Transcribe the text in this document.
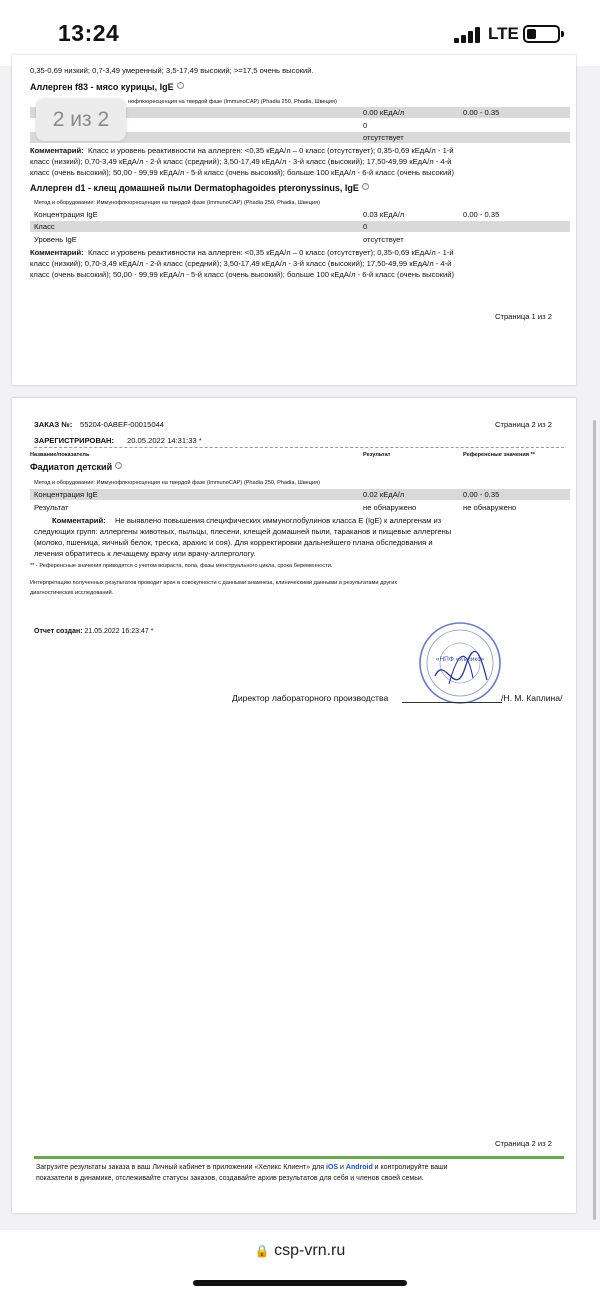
13:24	LTE
0,35-0,69 низкий; 0,7-3,49 умеренный; 3,5-17,49 высокий; >=17,5 очень высокий.
Аллерген f83 - мясо курицы, IgE ?
нофлюоресценция на твердой фазе (ImmunoCAP) (Phadia 250, Phadia, Швеция)
0.00 кЕдА/л	0.00 - 0.35
0
отсутствует
Комментарий: Класс и уровень реактивности на аллерген: <0,35 кЕдА/л – 0 класс (отсутствует); 0,35-0,69 кЕдА/л - 1-й
класс (низкий); 0,70-3,49 кЕдА/л - 2-й класс (средний); 3,50-17,49 кЕдА/л - 3-й класс (высокий); 17,50-49,99 кЕдА/л - 4-й
класс (очень высокий); 50,00 - 99,99 кЕдА/л - 5-й класс (очень высокий); больше 100 кЕдА/л - 6-й класс (очень высокий)
Аллерген d1 - клещ домашней пыли Dermatophagoides pteronyssinus, IgE ?
Метод и оборудование: Иммунофлюоресценция на твердой фазе (ImmunoCAP) (Phadia 250, Phadia, Швеция)
Концентрация IgE	0.03 кЕдА/л	0.00 - 0.35
Класс	0
Уровень IgE	отсутствует
Комментарий: Класс и уровень реактивности на аллерген: <0,35 кЕдА/л – 0 класс (отсутствует); 0,35-0,69 кЕдА/л - 1-й
класс (низкий); 0,70-3,49 кЕдА/л - 2-й класс (средний); 3,50-17,49 кЕдА/л - 3-й класс (высокий); 17,50-49,99 кЕдА/л - 4-й
класс (очень высокий); 50,00 - 99,99 кЕдА/л - 5-й класс (очень высокий); больше 100 кЕдА/л - 6-й класс (очень высокий)
Страница 1 из 2
2 из 2
ЗАКАЗ №: 55204-0ABEF-00015044	Страница 2 из 2
ЗАРЕГИСТРИРОВАН: 20.05.2022 14:31:33 *
Название/показатель	Результат	Референсные значения **
Фадиатоп детский ?
Метод и оборудование: Иммунофлюоресценция на твердой фазе (ImmunoCAP) (Phadia 250, Phadia, Швеция)
Концентрация IgE	0.02 кЕдА/л	0.00 - 0.35
Результат	не обнаружено	не обнаружено
Комментарий: Не выявлено повышения специфических иммуноглобулинов класса Е (IgE) к аллергенам из
следующих групп: аллергены животных, пыльцы, плесени, клещей домашней пыли, тараканов и пищевые аллергены
(молоко, пшеница, яичный белок, треска, арахис и соя). Для корректировки дальнейшего плана обследования и
лечения обратитесь к лечащему врачу или врачу-аллергологу.
** - Референсные значения приводятся с учетом возраста, пола, фазы менструального цикла, срока беременности.
Интерпретацию полученных результатов проводит врач в совокупности с данными анамнеза, клиническими данными и результатами других
диагностических исследований.
Отчет создан: 21.05.2022 16:23:47 *
«НПФ «Хеликс»
Директор лабораторного производства	/Н. М. Каплина/
Страница 2 из 2
Загрузите результаты заказа в ваш Личный кабинет в приложении «Хеликс Клиент» для iOS и Android и контролируйте ваши
показатели в динамике, отслеживайте статусы заказов, создавайте архив результатов для себя и членов своей семьи.
🔒 csp-vrn.ru
